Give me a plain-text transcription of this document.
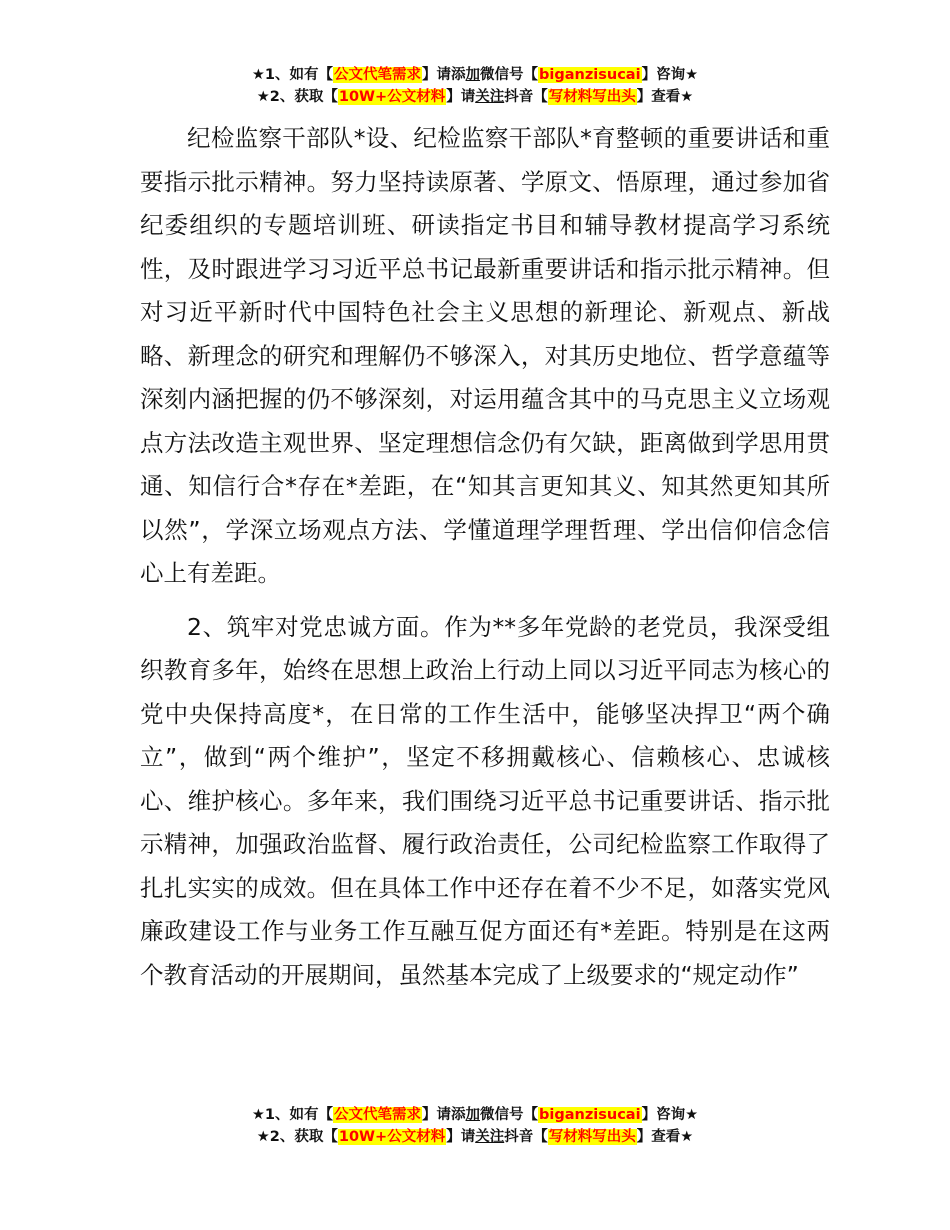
★1、如有【公文代笔需求】请添加微信号【biganzisucai】咨询★
★2、获取【10W+公文材料】请关注抖音【写材料写出头】查看★

纪检监察干部队*设、纪检监察干部队*育整顿的重要讲话和重要指示批示精神。努力坚持读原著、学原文、悟原理，通过参加省纪委组织的专题培训班、研读指定书目和辅导教材提高学习系统性，及时跟进学习习近平总书记最新重要讲话和指示批示精神。但对习近平新时代中国特色社会主义思想的新理论、新观点、新战略、新理念的研究和理解仍不够深入，对其历史地位、哲学意蕴等深刻内涵把握的仍不够深刻，对运用蕴含其中的马克思主义立场观点方法改造主观世界、坚定理想信念仍有欠缺，距离做到学思用贯通、知信行合*存在*差距，在“知其言更知其义、知其然更知其所以然”，学深立场观点方法、学懂道理学理哲理、学出信仰信念信心上有差距。

2、筑牢对党忠诚方面。作为**多年党龄的老党员，我深受组织教育多年，始终在思想上政治上行动上同以习近平同志为核心的党中央保持高度*，在日常的工作生活中，能够坚决捍卫“两个确立”，做到“两个维护”，坚定不移拥戴核心、信赖核心、忠诚核心、维护核心。多年来，我们围绕习近平总书记重要讲话、指示批示精神，加强政治监督、履行政治责任，公司纪检监察工作取得了扎扎实实的成效。但在具体工作中还存在着不少不足，如落实党风廉政建设工作与业务工作互融互促方面还有*差距。特别是在这两个教育活动的开展期间，虽然基本完成了上级要求的“规定动作”

★1、如有【公文代笔需求】请添加微信号【biganzisucai】咨询★
★2、获取【10W+公文材料】请关注抖音【写材料写出头】查看★
